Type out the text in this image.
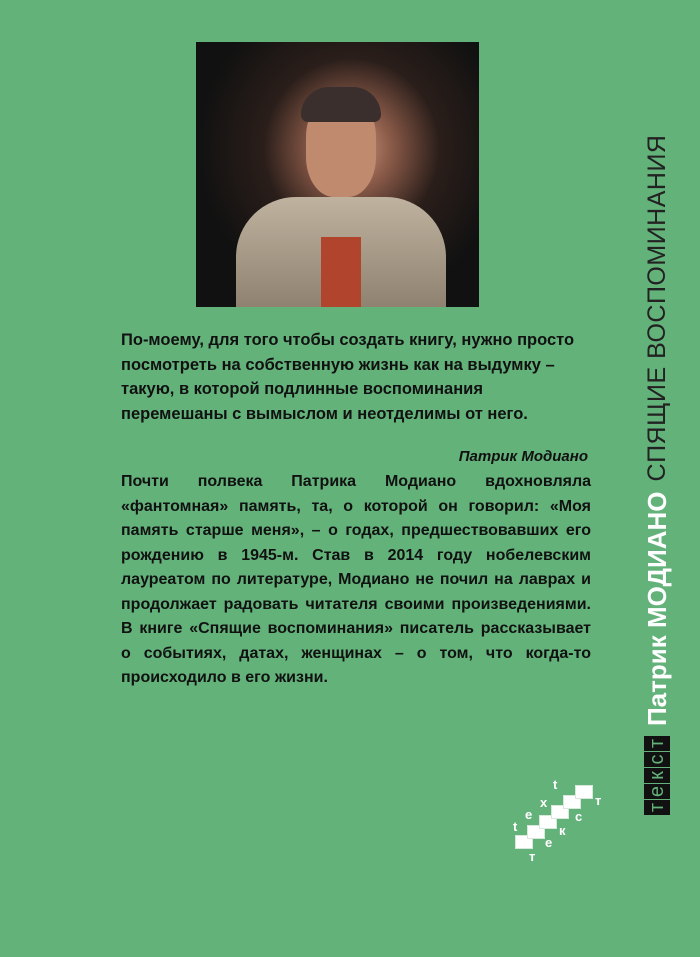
По-моему, для того чтобы создать книгу, нужно просто посмотреть на собственную жизнь как на выдумку – такую, в которой подлинные воспоминания перемешаны с вымыслом и неотделимы от него.
Патрик Модиано
Почти полвека Патрика Модиано вдохновляла «фантомная» память, та, о которой он говорил: «Моя память старше меня», – о годах, предшествовавших его рождению в 1945-м. Став в 2014 году нобелевским лауреатом по литературе, Модиано не почил на лаврах и продолжает радовать читателя своими произведениями. В книге «Спящие воспоминания» писатель рассказывает о событиях, датах, женщинах – о том, что когда-то происходило в его жизни.
т
е
к
с
т
Патрик МОДИАНО
СПЯЩИЕ ВОСПОМИНАНИЯ
t
e
x
t
т
е
к
с
т
